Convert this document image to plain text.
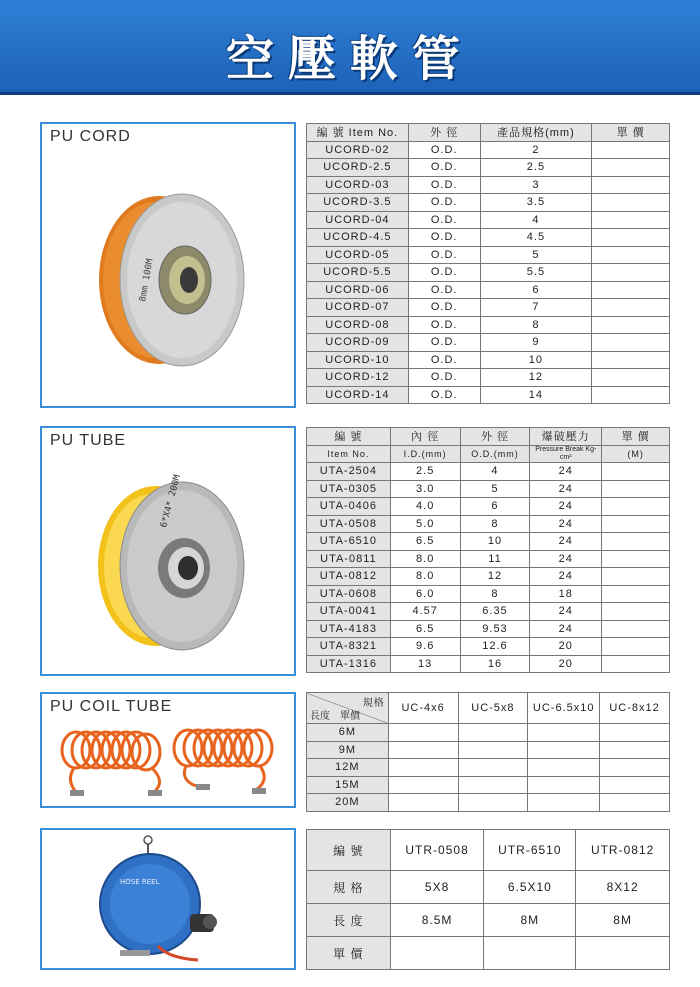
空壓軟管
PU CORD
8mm 100M
編 號 Item No.	外 徑	產品規格(mm)	單 價
UCORD-02	O.D.	2	
UCORD-2.5	O.D.	2.5	
UCORD-03	O.D.	3	
UCORD-3.5	O.D.	3.5	
UCORD-04	O.D.	4	
UCORD-4.5	O.D.	4.5	
UCORD-05	O.D.	5	
UCORD-5.5	O.D.	5.5	
UCORD-06	O.D.	6	
UCORD-07	O.D.	7	
UCORD-08	O.D.	8	
UCORD-09	O.D.	9	
UCORD-10	O.D.	10	
UCORD-12	O.D.	12	
UCORD-14	O.D.	14	
PU TUBE
6*X4* 200M
編 號	內 徑	外 徑	爆破壓力	單 價
Item No.	I.D.(mm)	O.D.(mm)	Pressure Break Kg-cm²	(M)
UTA-2504	2.5	4	24	
UTA-0305	3.0	5	24	
UTA-0406	4.0	6	24	
UTA-0508	5.0	8	24	
UTA-6510	6.5	10	24	
UTA-0811	8.0	11	24	
UTA-0812	8.0	12	24	
UTA-0608	6.0	8	18	
UTA-0041	4.57	6.35	24	
UTA-4183	6.5	9.53	24	
UTA-8321	9.6	12.6	20	
UTA-1316	13	16	20	
PU COIL TUBE	規格
長度　單價	UC-4x6	UC-5x8	UC-6.5x10	UC-8x12
6M				
9M				
12M				
15M				
20M				
HOSE REEL
編 號	UTR-0508	UTR-6510	UTR-0812
規 格	5X8	6.5X10	8X12
長 度	8.5M	8M	8M
單 價			
